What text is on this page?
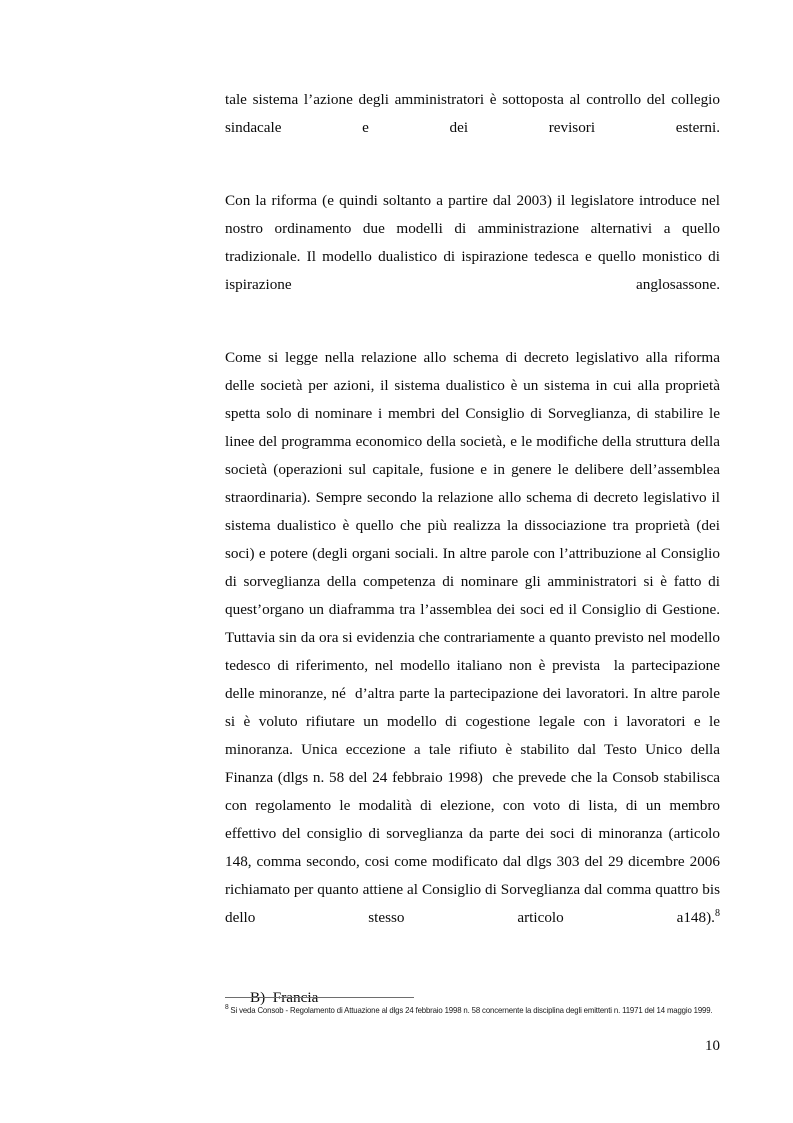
tale sistema l’azione degli amministratori è sottoposta al controllo del collegio sindacale e dei revisori esterni.

Con la riforma (e quindi soltanto a partire dal 2003) il legislatore introduce nel nostro ordinamento due modelli di amministrazione alternativi a quello tradizionale. Il modello dualistico di ispirazione tedesca e quello monistico di ispirazione anglosassone.

Come si legge nella relazione allo schema di decreto legislativo alla riforma delle società per azioni, il sistema dualistico è un sistema in cui alla proprietà spetta solo di nominare i membri del Consiglio di Sorveglianza, di stabilire le linee del programma economico della società, e le modifiche della struttura della società (operazioni sul capitale, fusione e in genere le delibere dell’assemblea straordinaria). Sempre secondo la relazione allo schema di decreto legislativo il sistema dualistico è quello che più realizza la dissociazione tra proprietà (dei soci) e potere (degli organi sociali. In altre parole con l’attribuzione al Consiglio di sorveglianza della competenza di nominare gli amministratori si è fatto di quest’organo un diaframma tra l’assemblea dei soci ed il Consiglio di Gestione. Tuttavia sin da ora si evidenzia che contrariamente a quanto previsto nel modello tedesco di riferimento, nel modello italiano non è prevista  la partecipazione delle minoranze, né  d’altra parte la partecipazione dei lavoratori. In altre parole si è voluto rifiutare un modello di cogestione legale con i lavoratori e le minoranza. Unica eccezione a tale rifiuto è stabilito dal Testo Unico della Finanza (dlgs n. 58 del 24 febbraio 1998)  che prevede che la Consob stabilisca con regolamento le modalità di elezione, con voto di lista, di un membro effettivo del consiglio di sorveglianza da parte dei soci di minoranza (articolo 148, comma secondo, cosi come modificato dal dlgs 303 del 29 dicembre 2006 richiamato per quanto attiene al Consiglio di Sorveglianza dal comma quattro bis dello stesso articolo a148).$^8$

B)  Francia

$^8$ Si veda Consob - Regolamento di Attuazione al dlgs 24 febbraio 1998 n. 58 concernente la disciplina degli emittenti n. 11971 del 14 maggio 1999.
10
